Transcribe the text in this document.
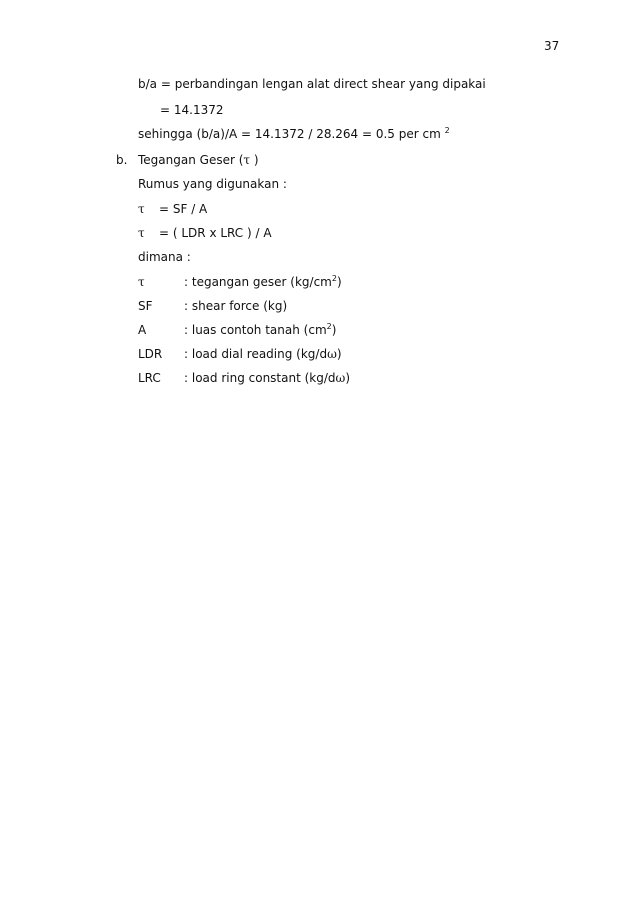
37
b/a = perbandingan lengan alat direct shear yang dipakai
= 14.1372
sehingga (b/a)/A = 14.1372 / 28.264 = 0.5 per cm $^2$
b. Tegangan Geser (τ )
Rumus yang digunakan :
τ = SF / A
τ = ( LDR x LRC ) / A
dimana :
τ	: tegangan geser $(kg/cm^2)$
SF	: shear force (kg)
A	: luas contoh tanah $(cm^2)$
LDR : load dial reading (kg/dω)
LRC : load ring constant (kg/dω)
